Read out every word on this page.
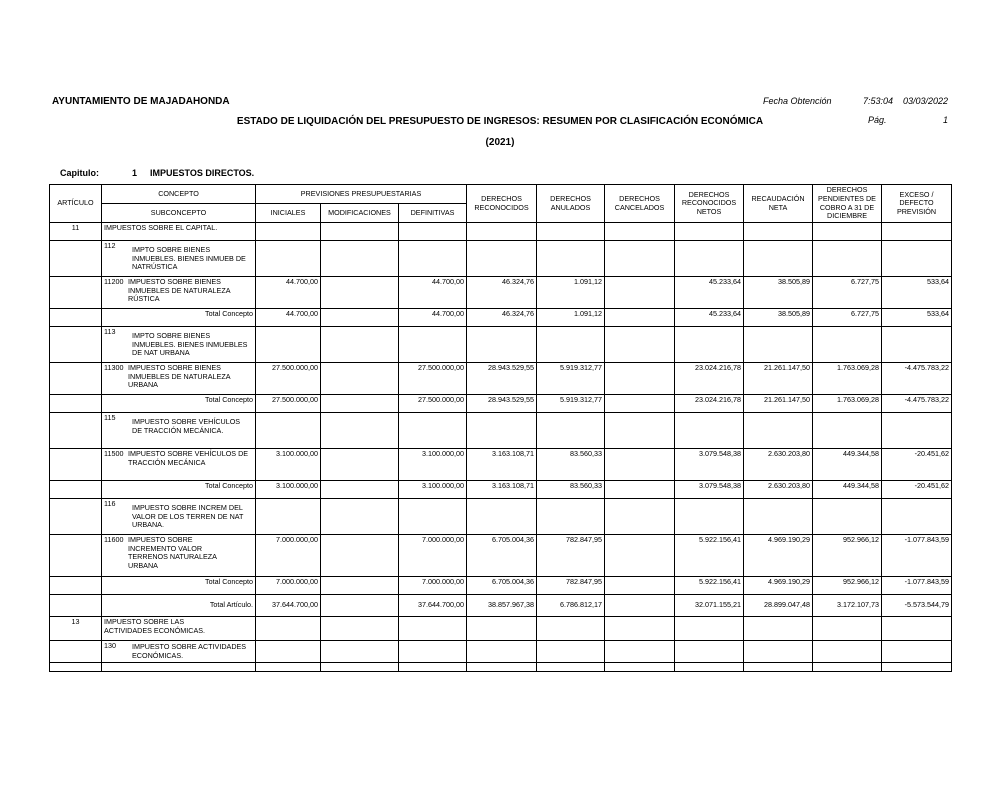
AYUNTAMIENTO DE MAJADAHONDA	Fecha Obtención	7:53:04 03/03/2022
ESTADO DE LIQUIDACIÓN DEL PRESUPUESTO DE INGRESOS: RESUMEN POR CLASIFICACIÓN ECONÓMICA	Pág.	1
(2021)
Capitulo:	1 IMPUESTOS DIRECTOS.
ARTÍCULO	CONCEPTO	PREVISIONES PRESUPUESTARIAS			DERECHOS RECONOCIDOS	DERECHOS ANULADOS	DERECHOS CANCELADOS	DERECHOS RECONOCIDOS NETOS	RECAUDACIÓN NETA	DERECHOS PENDIENTES DE COBRO A 31 DE DICIEMBRE	EXCESO / DEFECTO PREVISIÓN
	SUBCONCEPTO	INICIALES	MODIFICACIONES	DEFINITIVAS							
11	IMPUESTOS SOBRE EL CAPITAL.										
	112 IMPTO SOBRE BIENES INMUEBLES. BIENES INMUEB DE NATRÚSTICA										
	11200 IMPUESTO SOBRE BIENES INMUEBLES DE NATURALEZA RÚSTICA	44.700,00		44.700,00	46.324,76	1.091,12		45.233,64	38.505,89	6.727,75	533,64
	Total Concepto	44.700,00		44.700,00	46.324,76	1.091,12		45.233,64	38.505,89	6.727,75	533,64
	113 IMPTO SOBRE BIENES INMUEBLES. BIENES INMUEBLES DE NAT URBANA										
	11300 IMPUESTO SOBRE BIENES INMUEBLES DE NATURALEZA URBANA	27.500.000,00		27.500.000,00	28.943.529,55	5.919.312,77		23.024.216,78	21.261.147,50	1.763.069,28	-4.475.783,22
	Total Concepto	27.500.000,00		27.500.000,00	28.943.529,55	5.919.312,77		23.024.216,78	21.261.147,50	1.763.069,28	-4.475.783,22
	115 IMPUESTO SOBRE VEHÍCULOS DE TRACCIÓN MECÁNICA.										
	11500 IMPUESTO SOBRE VEHÍCULOS DE TRACCIÓN MECÁNICA	3.100.000,00		3.100.000,00	3.163.108,71	83.560,33		3.079.548,38	2.630.203,80	449.344,58	-20.451,62
	Total Concepto	3.100.000,00		3.100.000,00	3.163.108,71	83.560,33		3.079.548,38	2.630.203,80	449.344,58	-20.451,62
	116 IMPUESTO SOBRE INCREM DEL VALOR DE LOS TERREN DE NAT URBANA.										
	11600 IMPUESTO SOBRE INCREMENTO VALOR TERRENOS NATURALEZA URBANA	7.000.000,00		7.000.000,00	6.705.004,36	782.847,95		5.922.156,41	4.969.190,29	952.966,12	-1.077.843,59
	Total Concepto	7.000.000,00		7.000.000,00	6.705.004,36	782.847,95		5.922.156,41	4.969.190,29	952.966,12	-1.077.843,59
	Total Artículo.	37.644.700,00		37.644.700,00	38.857.967,38	6.786.812,17		32.071.155,21	28.899.047,48	3.172.107,73	-5.573.544,79
13	IMPUESTO SOBRE LAS ACTIVIDADES ECONÓMICAS.										
	130 IMPUESTO SOBRE ACTIVIDADES ECONÓMICAS.										
